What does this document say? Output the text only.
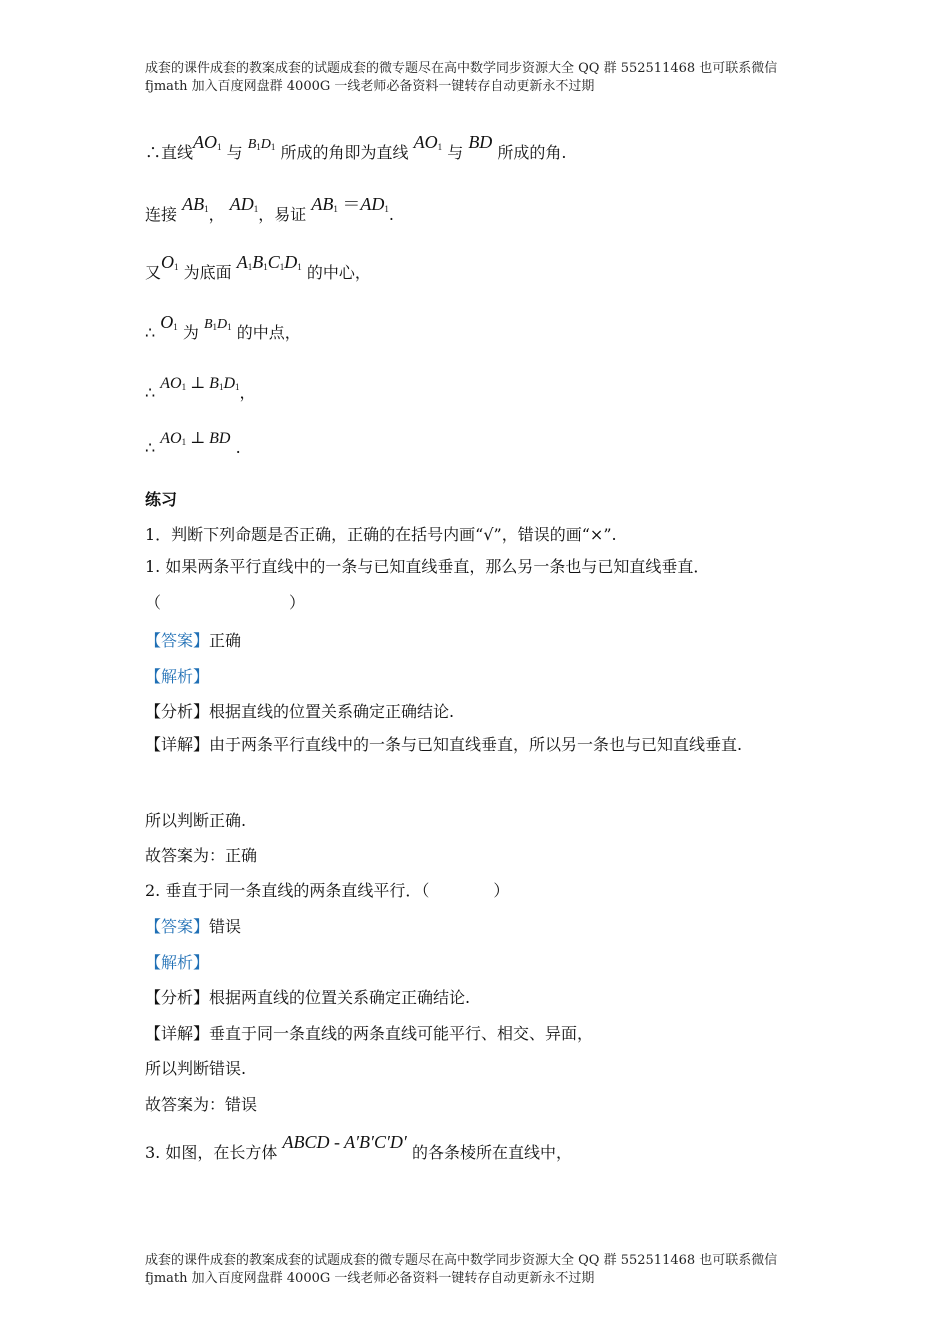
成套的课件成套的教案成套的试题成套的微专题尽在高中数学同步资源大全 QQ 群 552511468 也可联系微信 fjmath 加入百度网盘群 4000G 一线老师必备资料一键转存自动更新永不过期
∴直线$AO_1$ 与 $B_1D_1$ 所成的角即为直线 $AO_1$ 与 BD 所成的角.
连接 $AB_1$， $AD_1$，易证 $AB_1 =AD_1$.
又$O_1$ 为底面 $A_1B_1C_1D_1$ 的中心，
∴ $O_1$ 为 $B_1D_1$ 的中点，
∴ $AO_1$ ⊥ $B_1D_1$，
∴ $AO_1$ ⊥ BD .
练习
1．判断下列命题是否正确，正确的在括号内画“√”，错误的画“×”.
1. 如果两条平行直线中的一条与已知直线垂直，那么另一条也与已知直线垂直．（　　　　　　　　）
【答案】正确
【解析】
【分析】根据直线的位置关系确定正确结论.
【详解】由于两条平行直线中的一条与已知直线垂直，所以另一条也与已知直线垂直.
所以判断正确.
故答案为：正确
2. 垂直于同一条直线的两条直线平行．（　　　　）
【答案】错误
【解析】
【分析】根据两直线的位置关系确定正确结论.
【详解】垂直于同一条直线的两条直线可能平行、相交、异面，
所以判断错误.
故答案为：错误
3. 如图，在长方体 ABCD - A′B′C′D′ 的各条棱所在直线中，
成套的课件成套的教案成套的试题成套的微专题尽在高中数学同步资源大全 QQ 群 552511468 也可联系微信 fjmath 加入百度网盘群 4000G 一线老师必备资料一键转存自动更新永不过期
